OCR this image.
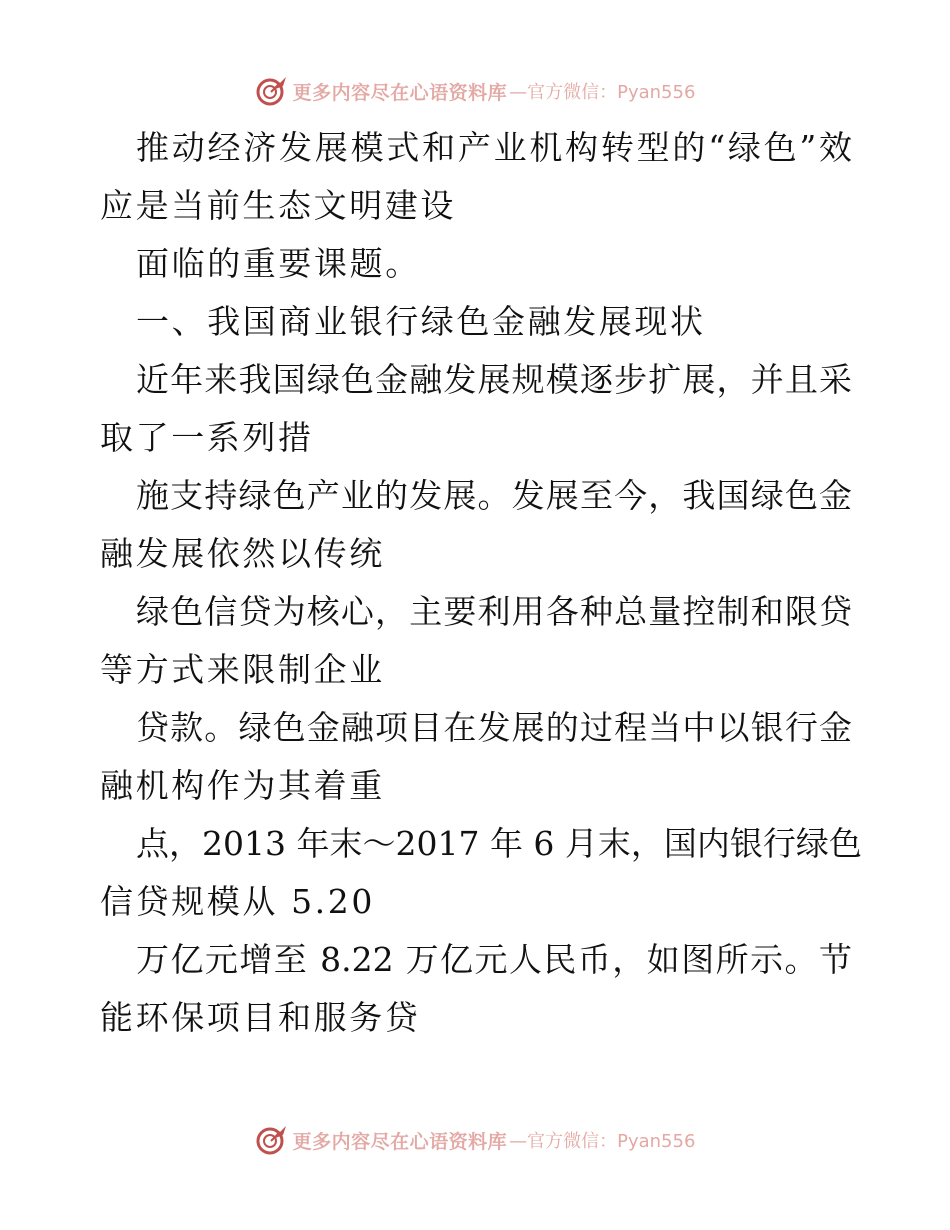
更多内容尽在心语资料库 —官方微信：Pyan556
推动经济发展模式和产业机构转型的“绿色”效
应是当前生态文明建设
面临的重要课题。
一、我国商业银行绿色金融发展现状
近年来我国绿色金融发展规模逐步扩展，并且采
取了一系列措
施支持绿色产业的发展。发展至今，我国绿色金
融发展依然以传统
绿色信贷为核心，主要利用各种总量控制和限贷
等方式来限制企业
贷款。绿色金融项目在发展的过程当中以银行金
融机构作为其着重
点，2013 年末～2017 年 6 月末，国内银行绿色
信贷规模从 5.20
万亿元增至 8.22 万亿元人民币，如图所示。节
能环保项目和服务贷
更多内容尽在心语资料库 —官方微信：Pyan556
